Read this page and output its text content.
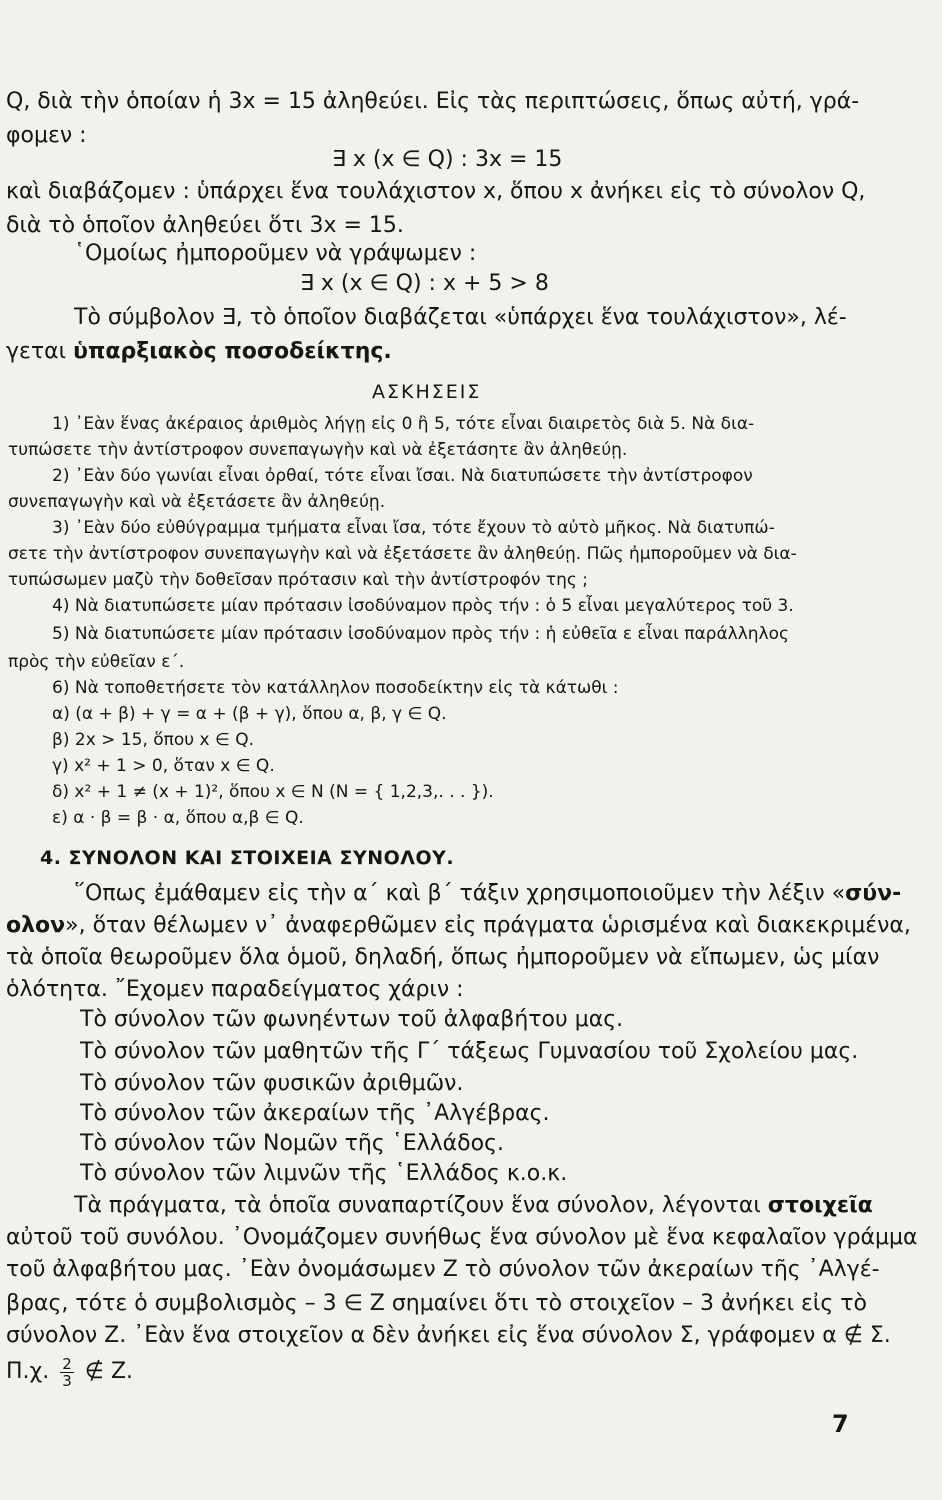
Q, διὰ τὴν ὁποίαν ἡ 3x = 15 ἀληθεύει. Εἰς τὰς περιπτώσεις, ὅπως αὐτή, γρά-
φομεν :
∃ x (x ∈ Q) : 3x = 15
καὶ διαβάζομεν : ὑπάρχει ἕνα τουλάχιστον x, ὅπου x ἀνήκει εἰς τὸ σύνολον Q,
διὰ τὸ ὁποῖον ἀληθεύει ὅτι 3x = 15.
῾Ομοίως ἠμποροῦμεν νὰ γράψωμεν :
∃ x (x ∈ Q) : x + 5 > 8
Τὸ σύμβολον ∃, τὸ ὁποῖον διαβάζεται «ὑπάρχει ἕνα τουλάχιστον», λέ-
γεται ὑπαρξιακὸς ποσοδείκτης.
ΑΣΚΗΣΕΙΣ
1) ᾿Εὰν ἕνας ἀκέραιος ἀριθμὸς λήγῃ εἰς 0 ἢ 5, τότε εἶναι διαιρετὸς διὰ 5. Νὰ δια-
τυπώσετε τὴν ἀντίστροφον συνεπαγωγὴν καὶ νὰ ἐξετάσητε ἂν ἀληθεύῃ.
2) ᾿Εὰν δύο γωνίαι εἶναι ὀρθαί, τότε εἶναι ἴσαι. Νὰ διατυπώσετε τὴν ἀντίστροφον
συνεπαγωγὴν καὶ νὰ ἐξετάσετε ἂν ἀληθεύῃ.
3) ᾿Εὰν δύο εὐθύγραμμα τμήματα εἶναι ἴσα, τότε ἔχουν τὸ αὐτὸ μῆκος. Νὰ διατυπώ-
σετε τὴν ἀντίστροφον συνεπαγωγὴν καὶ νὰ ἐξετάσετε ἂν ἀληθεύῃ. Πῶς ἠμποροῦμεν νὰ δια-
τυπώσωμεν μαζὺ τὴν δοθεῖσαν πρότασιν καὶ τὴν ἀντίστροφόν της ;
4) Νὰ διατυπώσετε μίαν πρότασιν ἰσοδύναμον πρὸς τήν : ὁ 5 εἶναι μεγαλύτερος τοῦ 3.
5) Νὰ διατυπώσετε μίαν πρότασιν ἰσοδύναμον πρὸς τήν : ἡ εὐθεῖα ε εἶναι παράλληλος
πρὸς τὴν εὐθεῖαν ε΄.
6) Νὰ τοποθετήσετε τὸν κατάλληλον ποσοδείκτην εἰς τὰ κάτωθι :
α) (α + β) + γ = α + (β + γ), ὅπου α, β, γ ∈ Q.
β) 2x > 15, ὅπου x ∈ Q.
γ) x² + 1 > 0, ὅταν x ∈ Q.
δ) x² + 1 ≠ (x + 1)², ὅπου x ∈ N (N = { 1,2,3,. . . }).
ε) α · β = β · α, ὅπου α,β ∈ Q.
4. ΣΥΝΟΛΟΝ ΚΑΙ ΣΤΟΙΧΕΙΑ ΣΥΝΟΛΟΥ.
῞Οπως ἐμάθαμεν εἰς τὴν α΄ καὶ β΄ τάξιν χρησιμοποιοῦμεν τὴν λέξιν «σύν-
ολον», ὅταν θέλωμεν ν᾿ ἀναφερθῶμεν εἰς πράγματα ὡρισμένα καὶ διακεκριμένα,
τὰ ὁποῖα θεωροῦμεν ὅλα ὁμοῦ, δηλαδή, ὅπως ἠμποροῦμεν νὰ εἴπωμεν, ὡς μίαν
ὁλότητα. ῎Εχομεν παραδείγματος χάριν :
Τὸ σύνολον τῶν φωνηέντων τοῦ ἀλφαβήτου μας.
Τὸ σύνολον τῶν μαθητῶν τῆς Γ΄ τάξεως Γυμνασίου τοῦ Σχολείου μας.
Τὸ σύνολον τῶν φυσικῶν ἀριθμῶν.
Τὸ σύνολον τῶν ἀκεραίων τῆς ᾿Αλγέβρας.
Τὸ σύνολον τῶν Νομῶν τῆς ῾Ελλάδος.
Τὸ σύνολον τῶν λιμνῶν τῆς ῾Ελλάδος κ.ο.κ.
Τὰ πράγματα, τὰ ὁποῖα συναπαρτίζουν ἕνα σύνολον, λέγονται στοιχεῖα
αὐτοῦ τοῦ συνόλου. ᾿Ονομάζομεν συνήθως ἕνα σύνολον μὲ ἕνα κεφαλαῖον γράμμα
τοῦ ἀλφαβήτου μας. ᾿Εὰν ὀνομάσωμεν Z τὸ σύνολον τῶν ἀκεραίων τῆς ᾿Αλγέ-
βρας, τότε ὁ συμβολισμὸς – 3 ∈ Z σημαίνει ὅτι τὸ στοιχεῖον – 3 ἀνήκει εἰς τὸ
σύνολον Z. ᾿Εὰν ἕνα στοιχεῖον α δὲν ἀνήκει εἰς ἕνα σύνολον Σ, γράφομεν α ∉ Σ.
Π.χ. $\frac{2}{3}$ ∉ Z.
7
